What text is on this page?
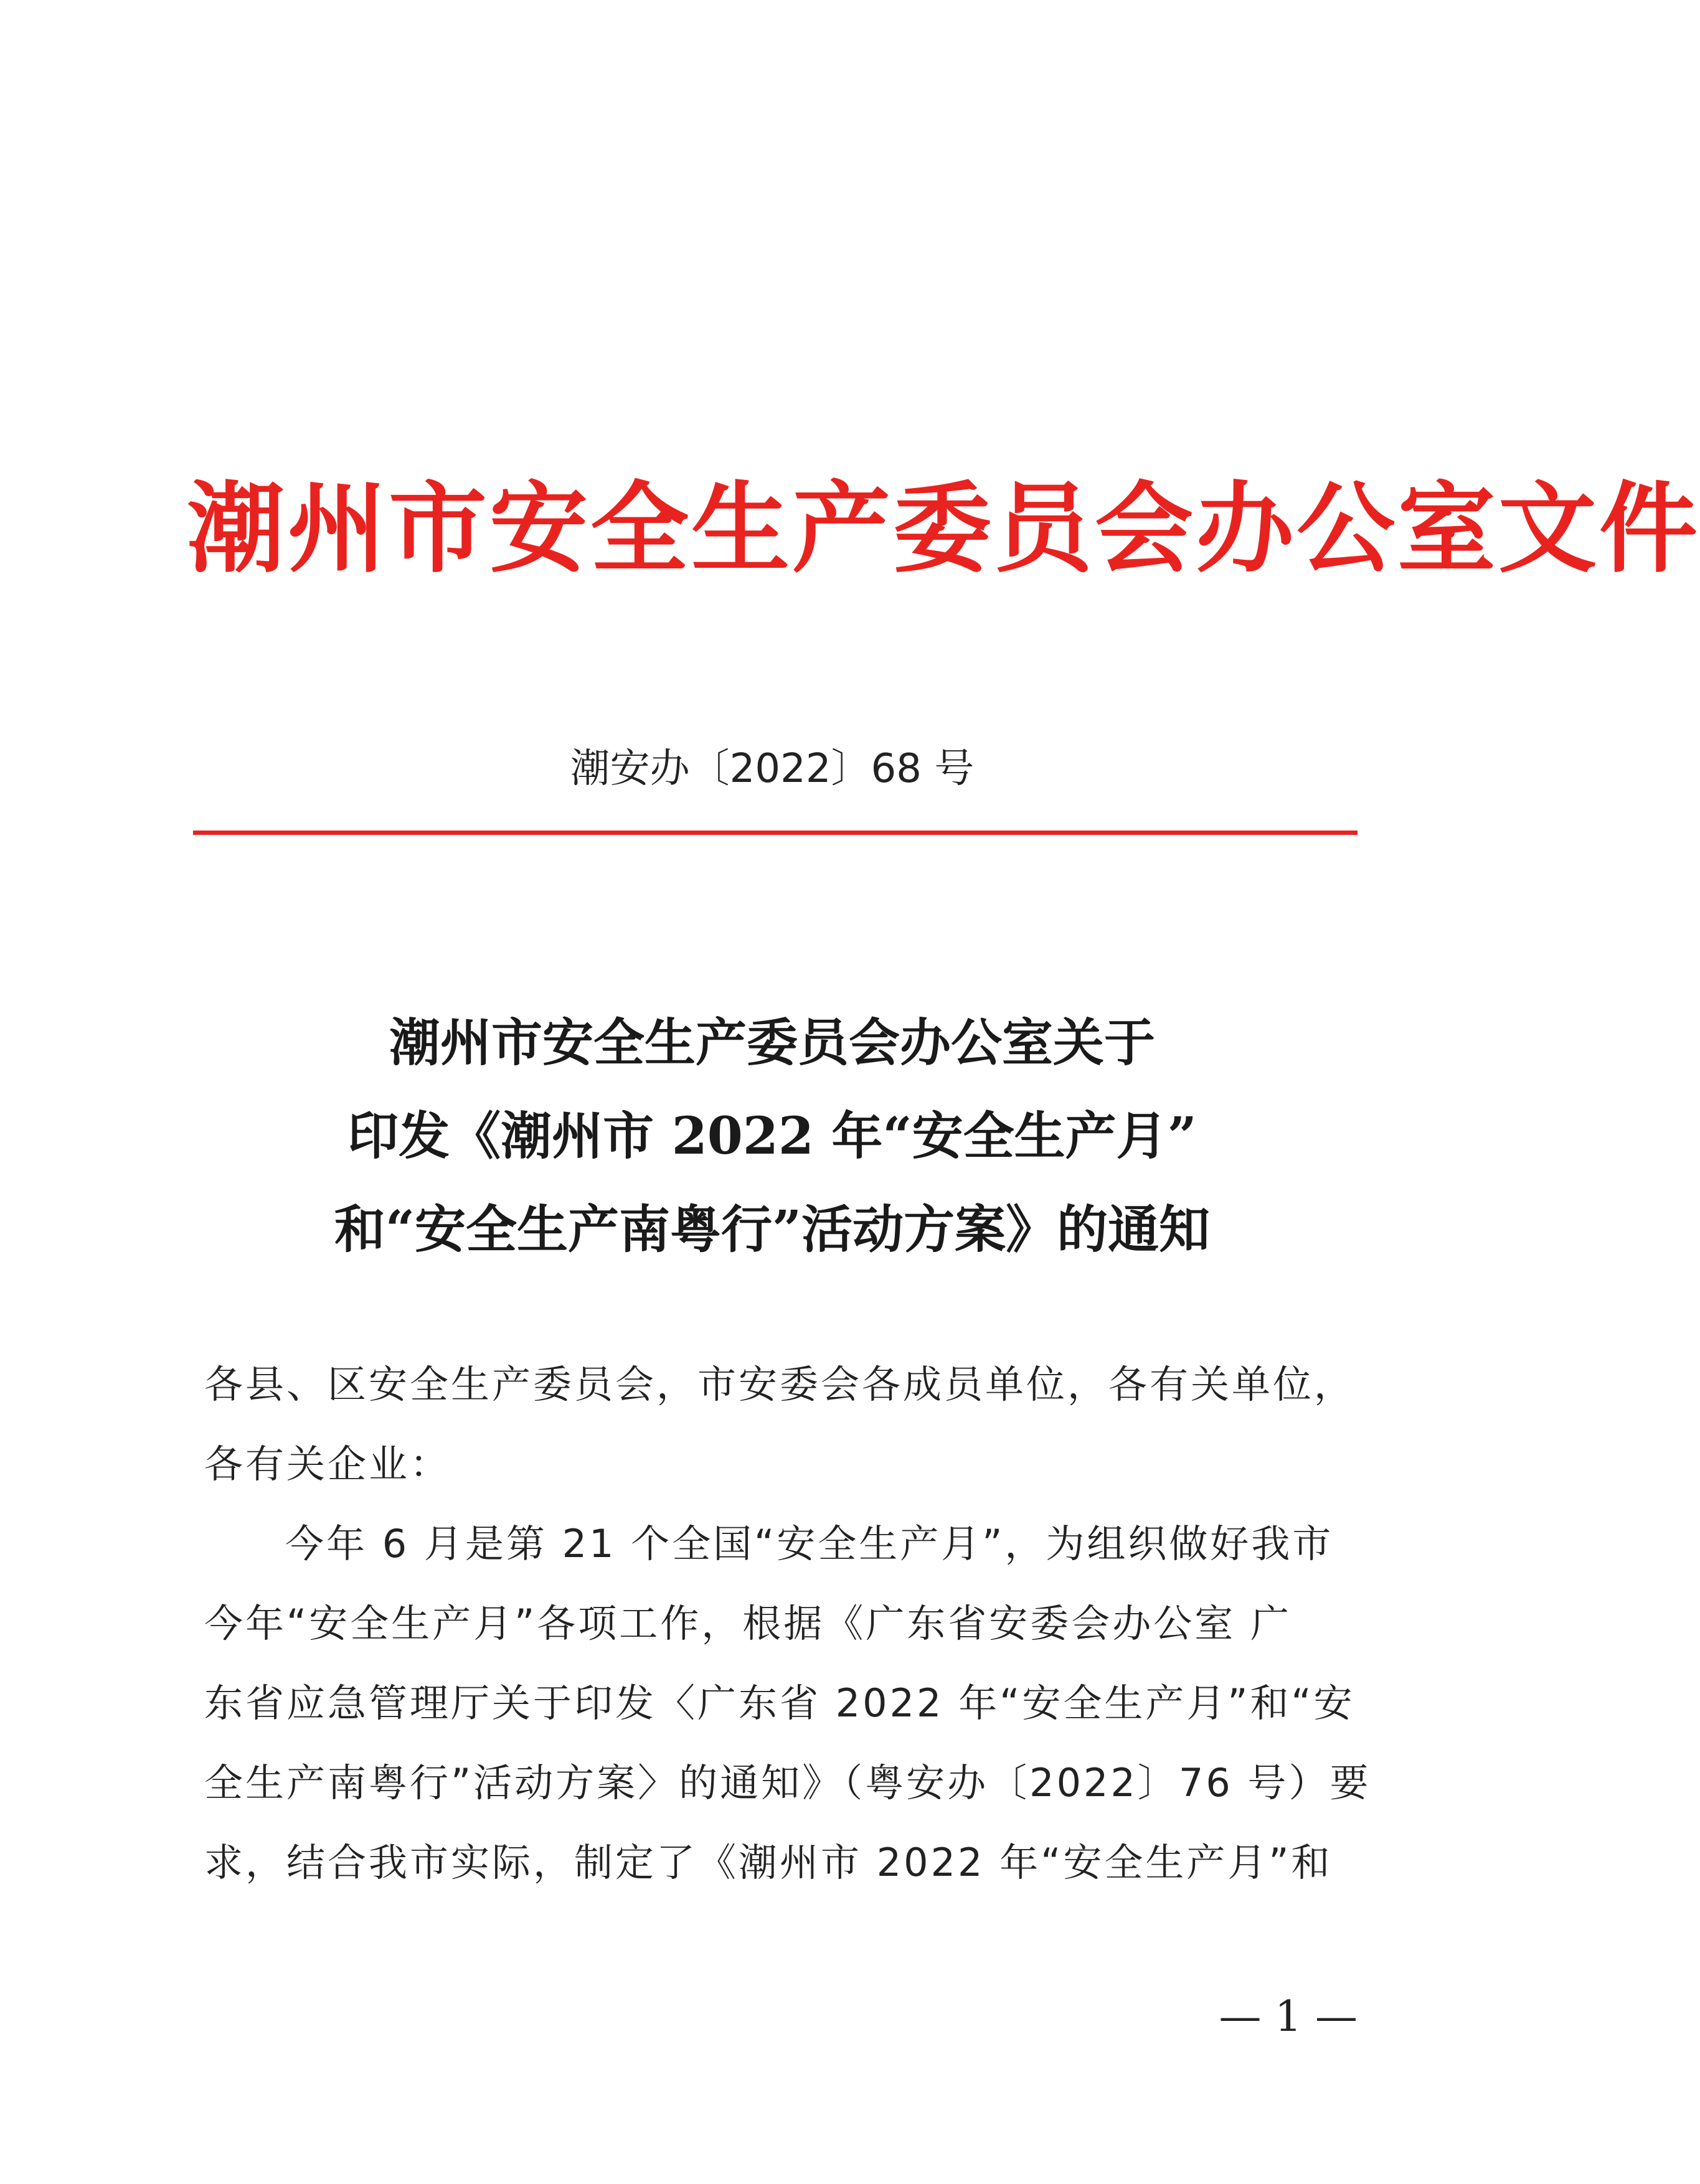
潮州市安全生产委员会办公室文件
潮安办〔2022〕68 号
潮州市安全生产委员会办公室关于
印发《潮州市 2022 年“安全生产月”
和“安全生产南粤行”活动方案》的通知

各县、区安全生产委员会，市安委会各成员单位，各有关单位，

各有关企业：

今年 6 月是第 21 个全国“安全生产月”，为组织做好我市

今年“安全生产月”各项工作，根据《广东省安委会办公室 广

东省应急管理厅关于印发〈广东省 2022 年“安全生产月”和“安

全生产南粤行”活动方案〉的通知》（粤安办〔2022〕76 号）要

求，结合我市实际，制定了《潮州市 2022 年“安全生产月”和

— 1 —
